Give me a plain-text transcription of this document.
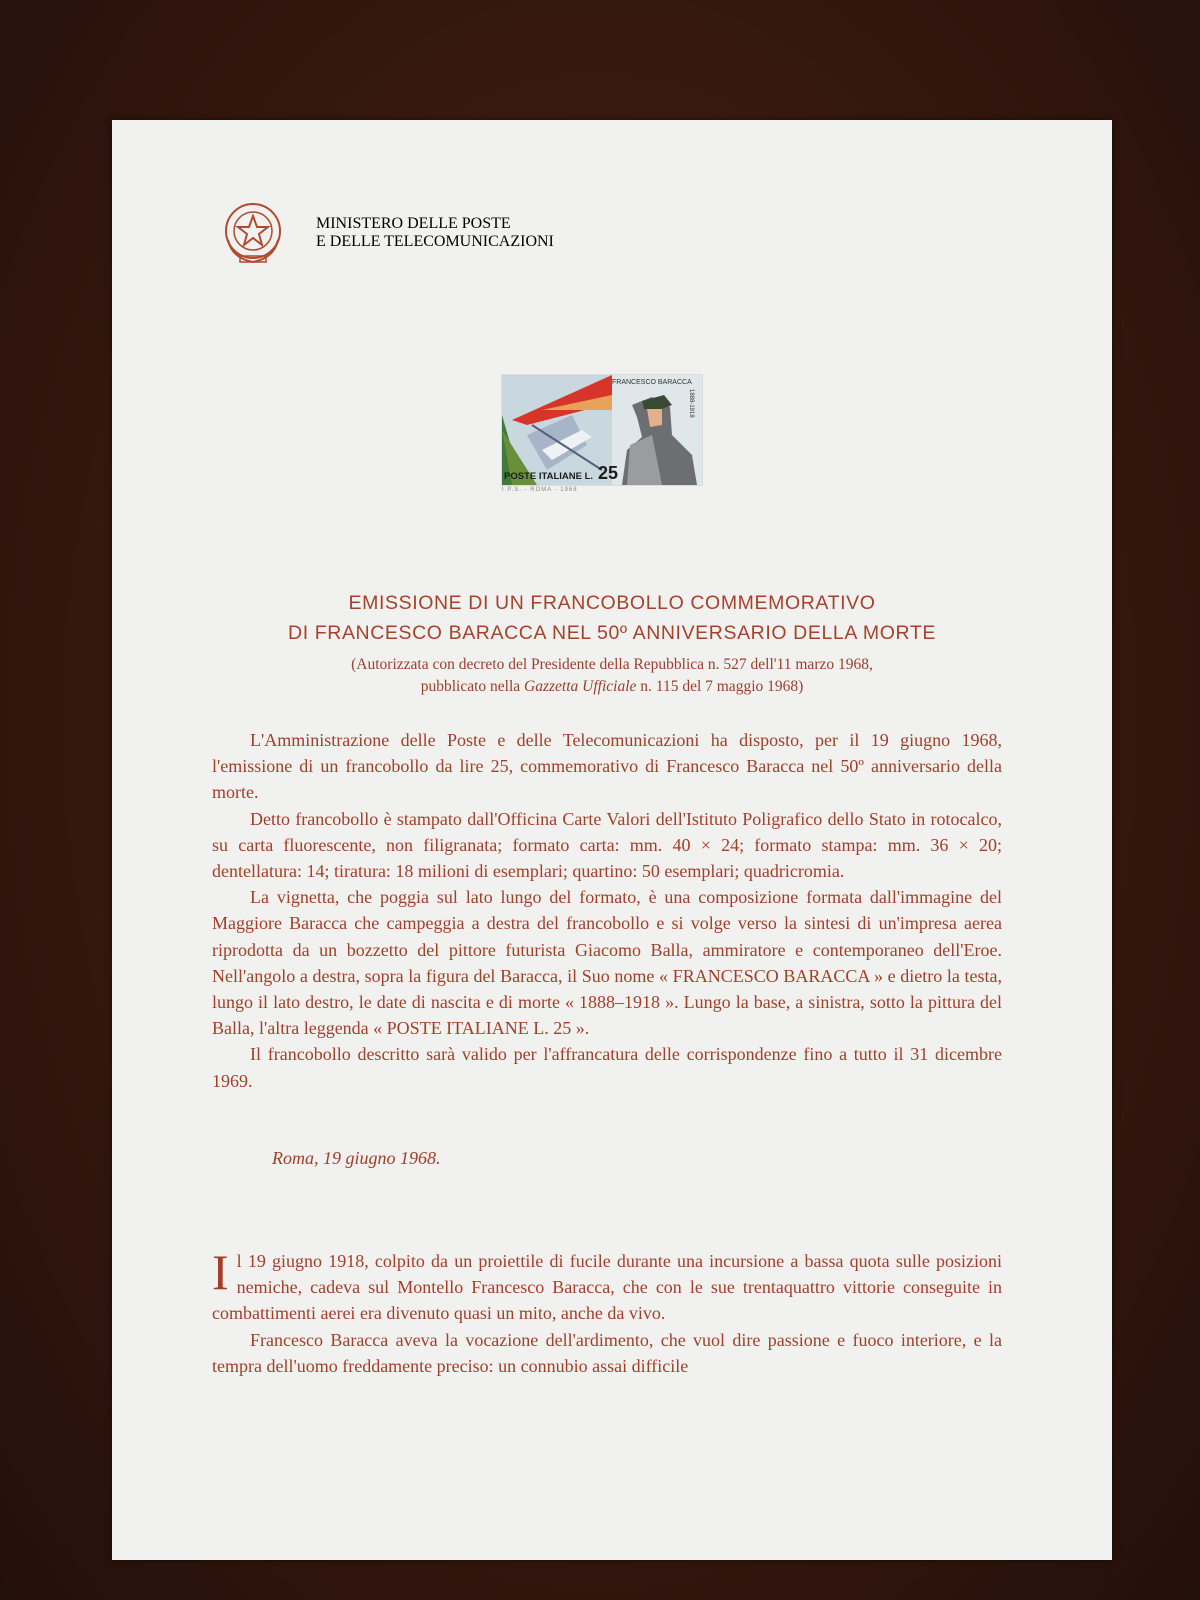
MINISTERO DELLE POSTE
E DELLE TELECOMUNICAZIONI
FRANCESCO BARACCA
1888-1918
POSTE ITALIANE L. 25
I.P.S. - ROMA - 1968
EMISSIONE DI UN FRANCOBOLLO COMMEMORATIVO
DI FRANCESCO BARACCA NEL 50º ANNIVERSARIO DELLA MORTE
(Autorizzata con decreto del Presidente della Repubblica n. 527 dell'11 marzo 1968,
pubblicato nella Gazzetta Ufficiale n. 115 del 7 maggio 1968)

L'Amministrazione delle Poste e delle Telecomunicazioni ha disposto, per il 19 giugno 1968, l'emissione di un francobollo da lire 25, commemorativo di Francesco Baracca nel 50º anniversario della morte.

Detto francobollo è stampato dall'Officina Carte Valori dell'Istituto Poligrafico dello Stato in rotocalco, su carta fluorescente, non filigranata; formato carta: mm. 40 × 24; formato stampa: mm. 36 × 20; dentellatura: 14; tiratura: 18 milioni di esemplari; quartino: 50 esemplari; quadricromia.

La vignetta, che poggia sul lato lungo del formato, è una composizione formata dall'immagine del Maggiore Baracca che campeggia a destra del francobollo e si volge verso la sintesi di un'impresa aerea riprodotta da un bozzetto del pittore futurista Giacomo Balla, ammiratore e contemporaneo dell'Eroe. Nell'angolo a destra, sopra la figura del Baracca, il Suo nome « FRANCESCO BARACCA » e dietro la testa, lungo il lato destro, le date di nascita e di morte « 1888–1918 ». Lungo la base, a sinistra, sotto la pittura del Balla, l'altra leggenda « POSTE ITALIANE L. 25 ».

Il francobollo descritto sarà valido per l'affrancatura delle corrispondenze fino a tutto il 31 dicembre 1969.

Roma, 19 giugno 1968.

Il 19 giugno 1918, colpito da un proiettile di fucile durante una incursione a bassa quota sulle posizioni nemiche, cadeva sul Montello Francesco Baracca, che con le sue trentaquattro vittorie conseguite in combattimenti aerei era divenuto quasi un mito, anche da vivo.

Francesco Baracca aveva la vocazione dell'ardimento, che vuol dire passione e fuoco interiore, e la tempra dell'uomo freddamente preciso: un connubio assai difficile
